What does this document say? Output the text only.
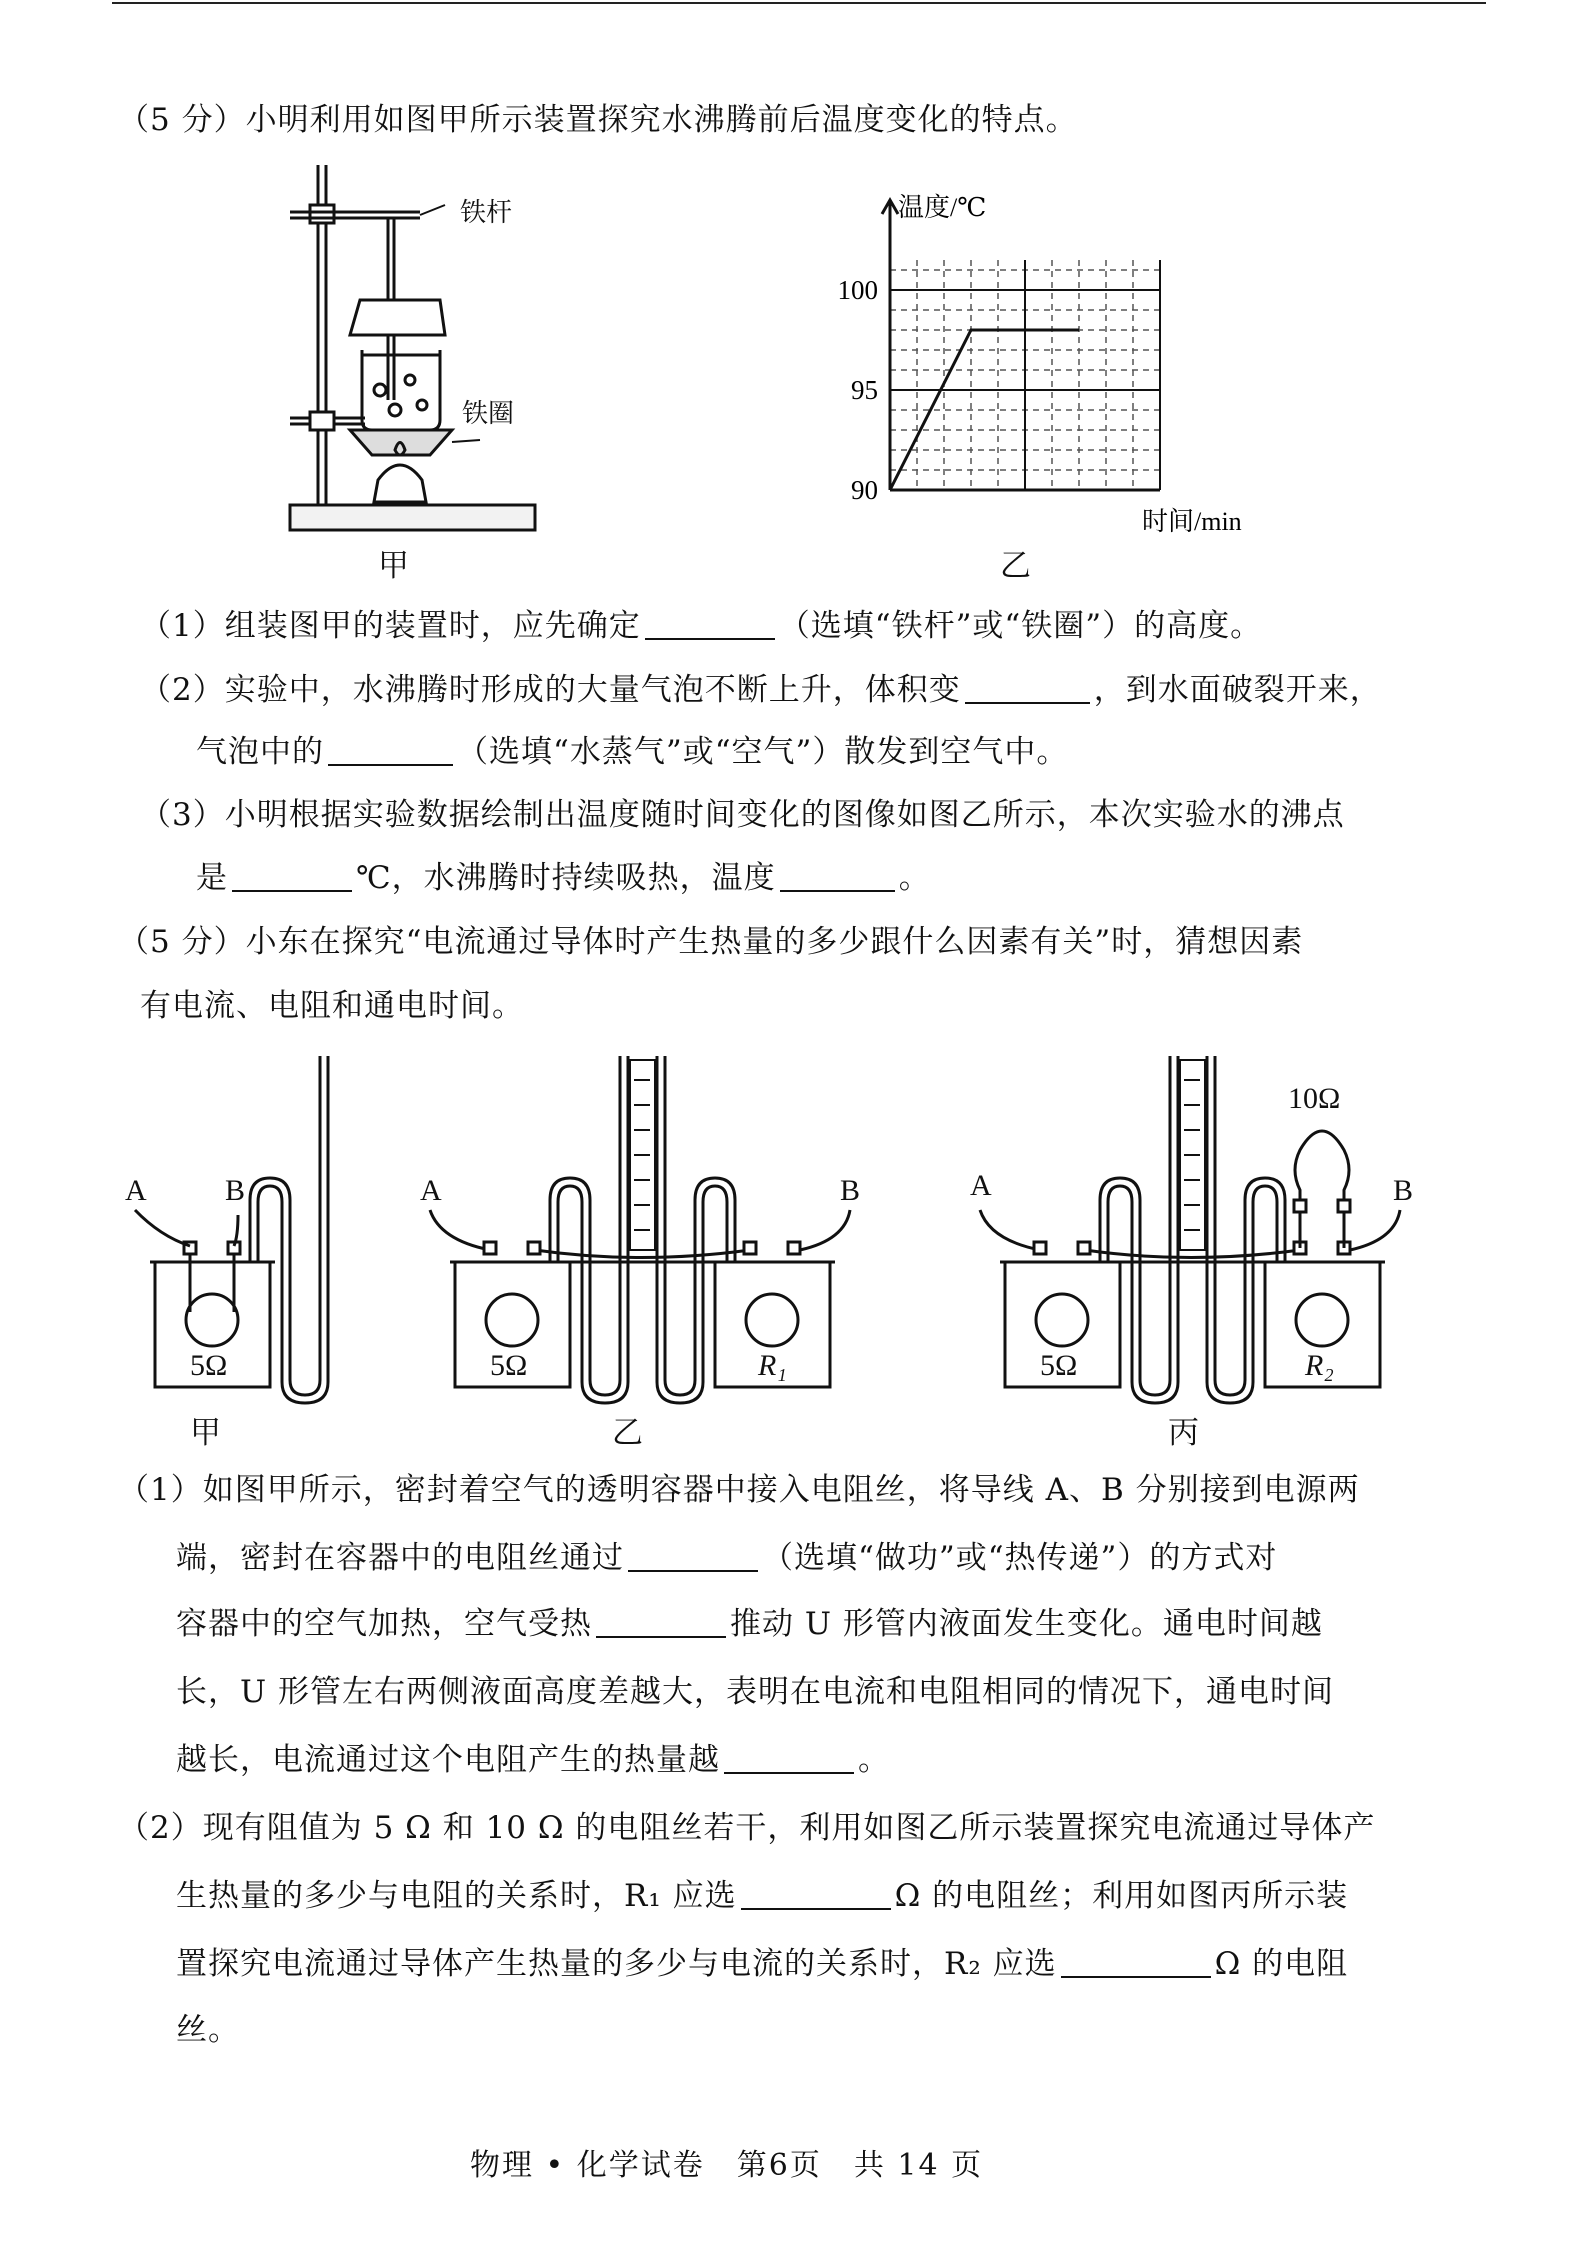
（5 分）小明利用如图甲所示装置探究水沸腾前后温度变化的特点。
铁杆
铁圈
甲
90
95
100
温度/℃
时间/min
乙
（1）组装图甲的装置时，应先确定	（选填“铁杆”或“铁圈”）的高度。
（2）实验中，水沸腾时形成的大量气泡不断上升，体积变	，到水面破裂开来，
气泡中的	（选填“水蒸气”或“空气”）散发到空气中。
（3）小明根据实验数据绘制出温度随时间变化的图像如图乙所示，本次实验水的沸点
是	℃，水沸腾时持续吸热，温度	。
（5 分）小东在探究“电流通过导体时产生热量的多少跟什么因素有关”时，猜想因素
有电流、电阻和通电时间。
A	B
5Ω
A	B
5Ω	R₁
A	B
5Ω	R₂
10Ω
甲	乙	丙
（1）如图甲所示，密封着空气的透明容器中接入电阻丝，将导线 A、B 分别接到电源两
端，密封在容器中的电阻丝通过	（选填“做功”或“热传递”）的方式对
容器中的空气加热，空气受热	推动 U 形管内液面发生变化。通电时间越
长，U 形管左右两侧液面高度差越大，表明在电流和电阻相同的情况下，通电时间
越长，电流通过这个电阻产生的热量越	。
（2）现有阻值为 5 Ω 和 10 Ω 的电阻丝若干，利用如图乙所示装置探究电流通过导体产
生热量的多少与电阻的关系时，R₁ 应选	Ω 的电阻丝；利用如图丙所示装
置探究电流通过导体产生热量的多少与电流的关系时，R₂ 应选	Ω 的电阻
丝。
物理 • 化学试卷　第6页　共 14 页
